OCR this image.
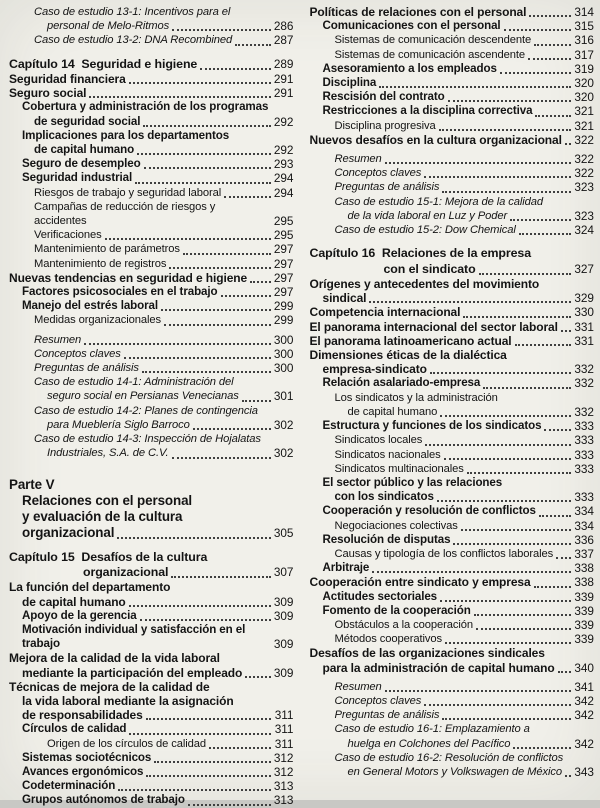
Caso de estudio 13-1: Incentivos para el
personal de Melo-Ritmos	286
Caso de estudio 13-2: DNA Recombined	287
Capítulo 14  Seguridad e higiene	289
Seguridad financiera	291
Seguro social	291
Cobertura y administración de los programas
de seguridad social	292
Implicaciones para los departamentos
de capital humano	292
Seguro de desempleo	293
Seguridad industrial	294
Riesgos de trabajo y seguridad laboral	294
Campañas de reducción de riesgos y accidentes	295
Verificaciones	295
Mantenimiento de parámetros	297
Mantenimiento de registros	297
Nuevas tendencias en seguridad e higiene 297
Factores psicosociales en el trabajo	297
Manejo del estrés laboral	299
Medidas organizacionales	299
Resumen	300
Conceptos claves	300
Preguntas de análisis	300
Caso de estudio 14-1: Administración del
seguro social en Persianas Venecianas	301
Caso de estudio 14-2: Planes de contingencia
para Mueblería Siglo Barroco	302
Caso de estudio 14-3: Inspección de Hojalatas
Industriales, S.A. de C.V.	302
Parte V
Relaciones con el personal
y evaluación de la cultura
organizacional	305
Capítulo 15  Desafíos de la cultura
organizacional	307
La función del departamento
de capital humano	309
Apoyo de la gerencia	309
Motivación individual y satisfacción en el trabajo	309
Mejora de la calidad de la vida laboral
mediante la participación del empleado	309
Técnicas de mejora de la calidad de
la vida laboral mediante la asignación
de responsabilidades	311
Círculos de calidad	311
Origen de los círculos de calidad	311
Sistemas sociotécnicos	312
Avances ergonómicos	312
Codeterminación	313
Grupos autónomos de trabajo	313
Políticas de relaciones con el personal	314
Comunicaciones con el personal	315
Sistemas de comunicación descendente	316
Sistemas de comunicación ascendente	317
Asesoramiento a los empleados	319
Disciplina	320
Rescisión del contrato	320
Restricciones a la disciplina correctiva	321
Disciplina progresiva	321
Nuevos desafíos en la cultura organizacional 322
Resumen	322
Conceptos claves	322
Preguntas de análisis	323
Caso de estudio 15-1: Mejora de la calidad
de la vida laboral en Luz y Poder	323
Caso de estudio 15-2: Dow Chemical	324
Capítulo 16  Relaciones de la empresa
con el sindicato	327
Orígenes y antecedentes del movimiento
sindical	329
Competencia internacional	330
El panorama internacional del sector laboral 331
El panorama latinoamericano actual	331
Dimensiones éticas de la dialéctica
empresa-sindicato	332
Relación asalariado-empresa	332
Los sindicatos y la administración
de capital humano	332
Estructura y funciones de los sindicatos	333
Sindicatos locales	333
Sindicatos nacionales	333
Sindicatos multinacionales	333
El sector público y las relaciones
con los sindicatos	333
Cooperación y resolución de conflictos	334
Negociaciones colectivas	334
Resolución de disputas	336
Causas y tipología de los conflictos laborales 337
Arbitraje	338
Cooperación entre sindicato y empresa	338
Actitudes sectoriales	339
Fomento de la cooperación	339
Obstáculos a la cooperación	339
Métodos cooperativos	339
Desafíos de las organizaciones sindicales
para la administración de capital humano 340
Resumen	341
Conceptos claves	342
Preguntas de análisis	342
Caso de estudio 16-1: Emplazamiento a
huelga en Colchones del Pacífico	342
Caso de estudio 16-2: Resolución de conflictos
en General Motors y Volkswagen de México 343
